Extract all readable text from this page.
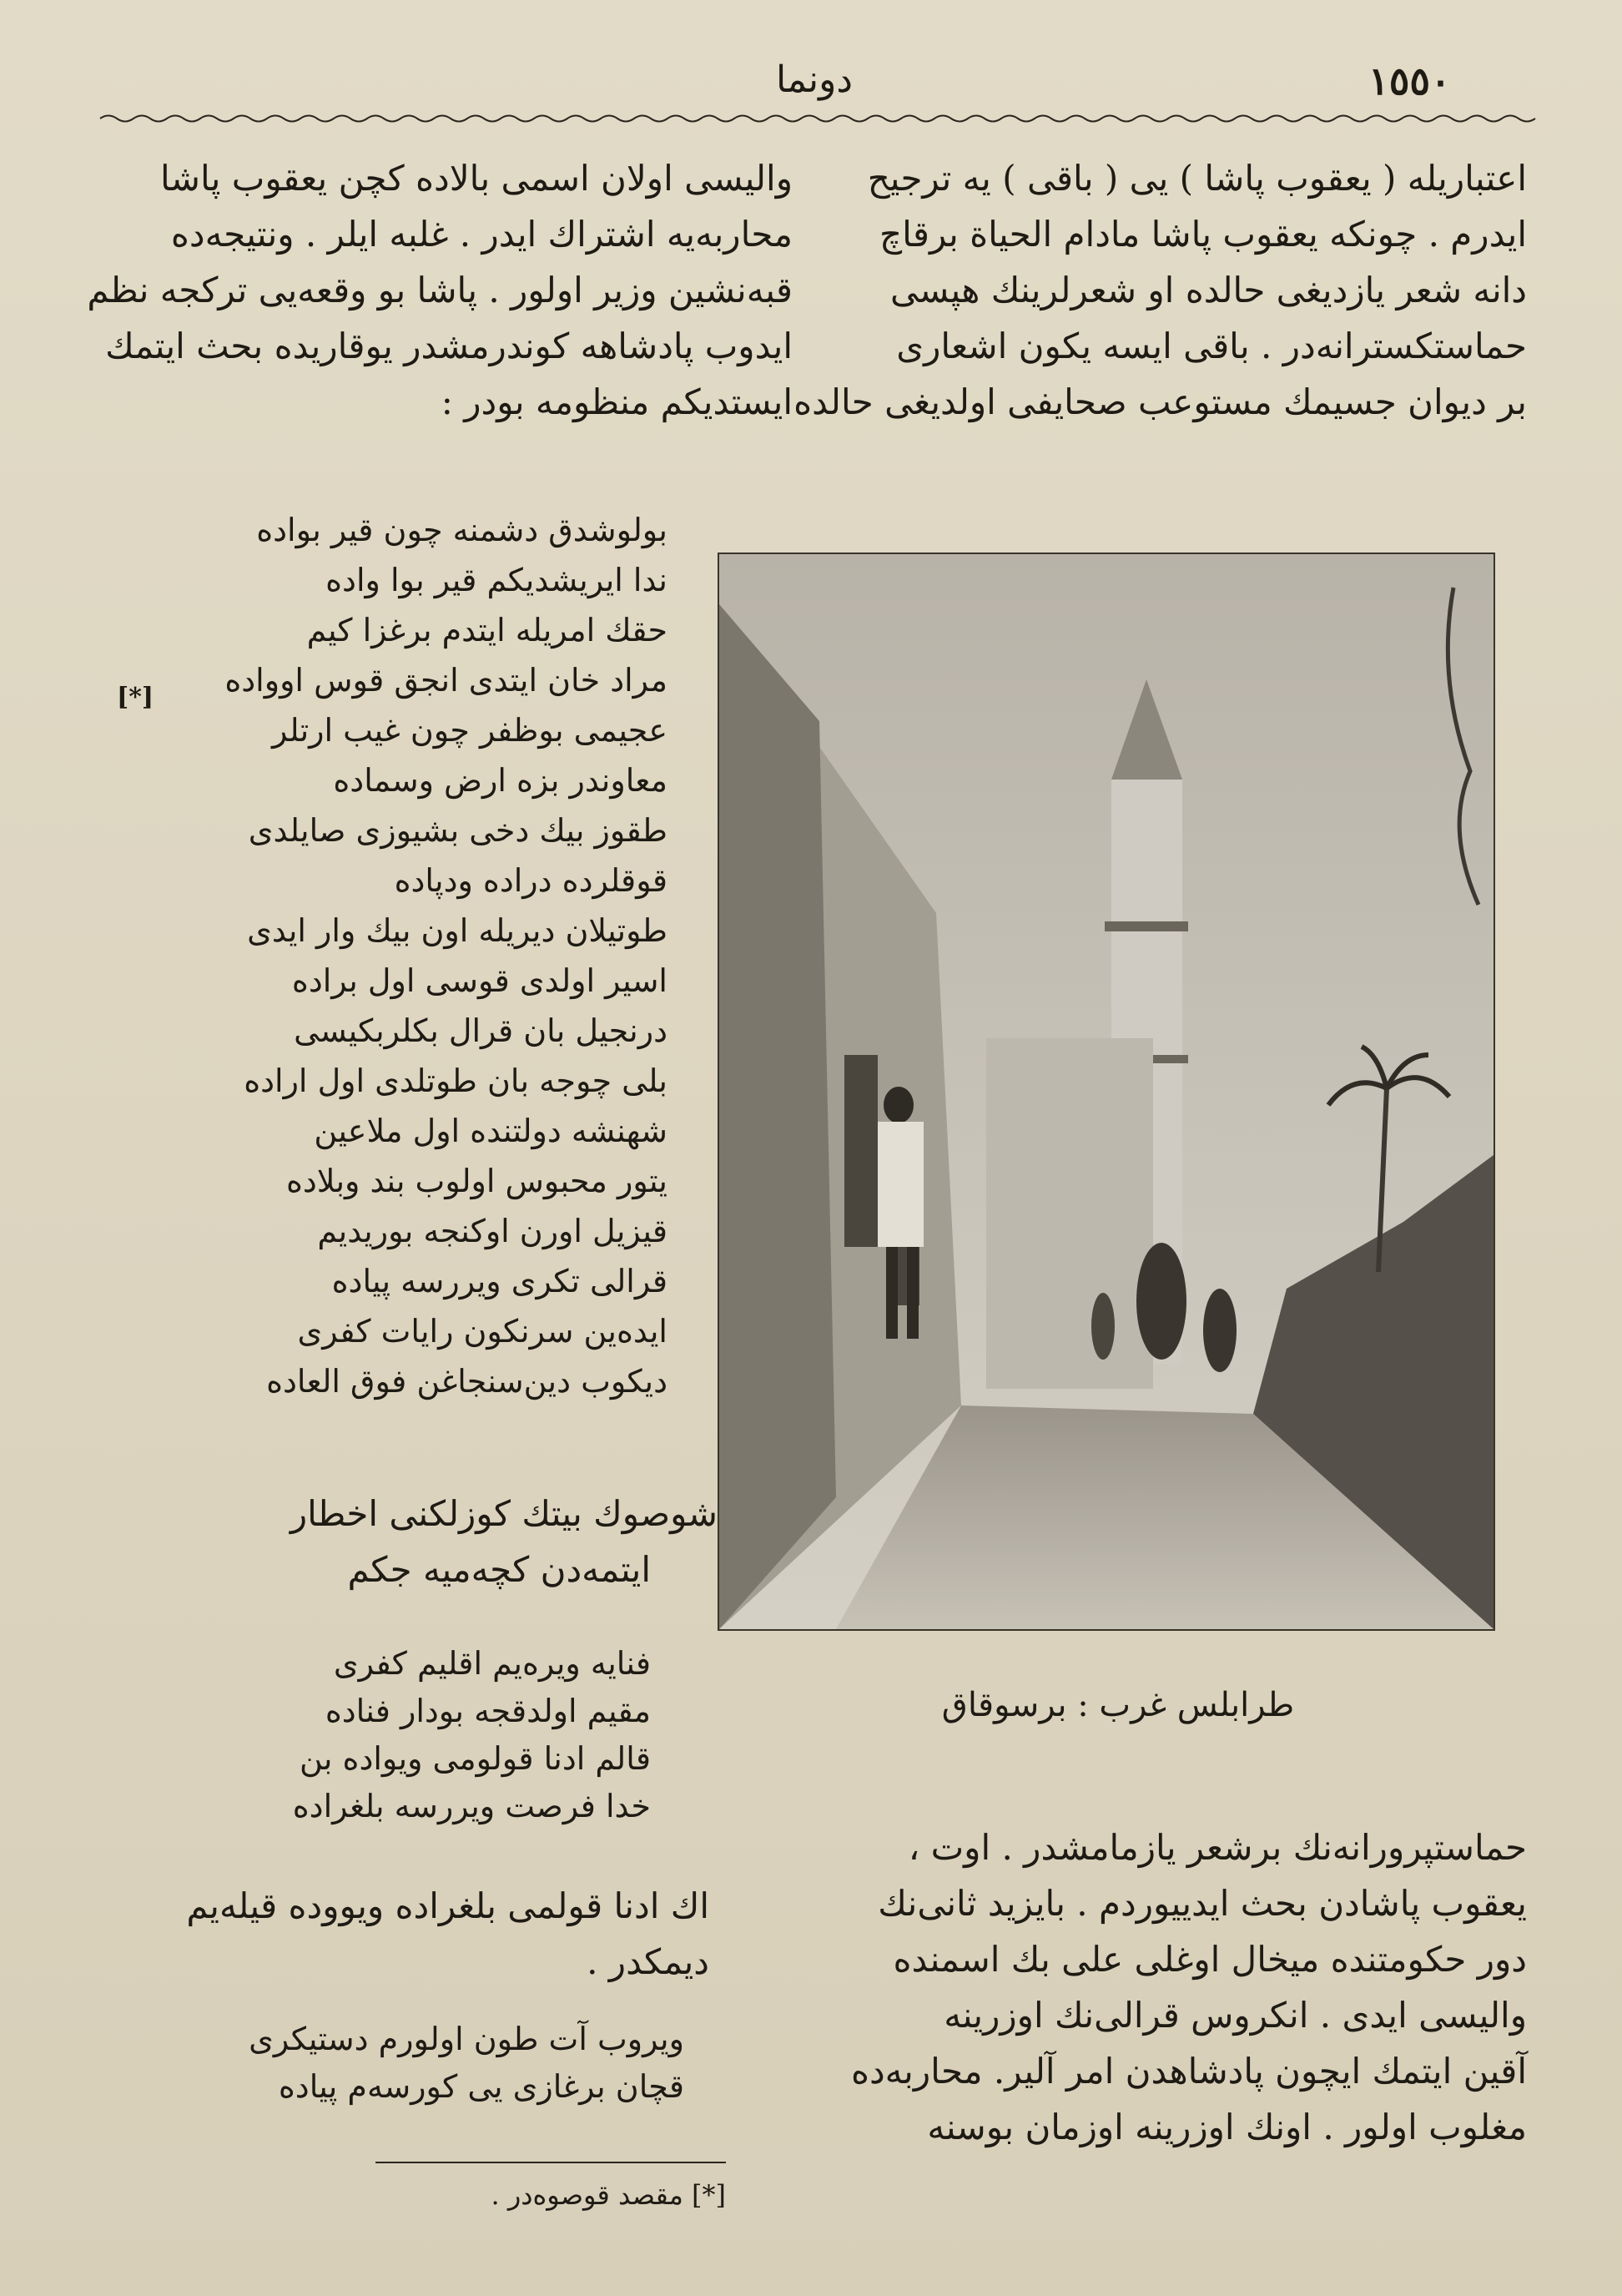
١٥٥٠
دونما
اعتباریله ( یعقوب پاشا ) یی ( باقی ) یه ترجیح
ایدرم . چونکه یعقوب پاشا مادام الحیاة برقاچ
دانه شعر یازدیغی حالده او شعرلرینك هپسی
حماستکسترانه‌در . باقی ایسه یکون اشعاری
بر دیوان جسیمك مستوعب صحایفی اولدیغی حالده
والیسی اولان اسمی بالاده کچن یعقوب پاشا
محاربه‌یه اشتراك ایدر . غلبه ایلر . ونتیجه‌ده
قبه‌نشین وزیر اولور . پاشا بو وقعه‌یی ترکجه نظم
ایدوب پادشاهه کوندرمشدر یوقاریده بحث ایتمك
ایستدیکم منظومه بودر :
بولوشدق دشمنه چون قیر بوادە
ندا ایریشدیکم قیر بوا وادە
حقك امریله ایتدم برغزا کیم
مراد خان ایتدی انجق قوس اوواده
عجیمی بوظفر چون غیب ارتلر
معاوندر بزه ارض وسماده
طقوز بیك دخی بشیوزی صایلدی
قوقلرده دراده ودپاده
طوتیلان دیریله اون بیك وار ایدی
اسیر اولدی قوسی اول براده
درنجیل بان قرال بکلربکیسی
بلی چوجه بان طوتلدی اول اراده
شهنشه دولتنده اول ملاعین
یتور محبوس اولوب بند وبلاده
قیزیل اورن اوکنجه بوریدیم
قرالی تکری ویررسه پیاده
ایده‌ین سرنکون رایات کفری
دیکوب دین‌سنجاغن فوق العاده
[*]
شوصوك بیتك کوزلکنی اخطار
ایتمه‌دن کچه‌میه جکم
فنایه ویره‌یم اقلیم کفری
مقیم اولدقجه بودار فناده
قالم ادنا قولومی ویواده بن
خدا فرصت ویررسه بلغراده
اك ادنا قولمی بلغراده ویووده قیلەیم
دیمکدر .
ویروب آت طون اولورم دستیکری
قچان برغازی یی کورسەم پیاده
[*] مقصد قوصوه‌در .
طرابلس غرب : برسوقاق
حماستپرورانه‌نك برشعر یازمامشدر . اوت ،
یعقوب پاشادن بحث ایدییوردم . بایزید ثانی‌نك
دور حکومتنده میخال اوغلی علی بك اسمنده
والیسی ایدی . انکروس قرالی‌نك اوزرینه
آقین ایتمك ایچون پادشاهدن امر آلیر. محاربه‌ده
مغلوب اولور . اونك اوزرینه اوزمان بوسنه
